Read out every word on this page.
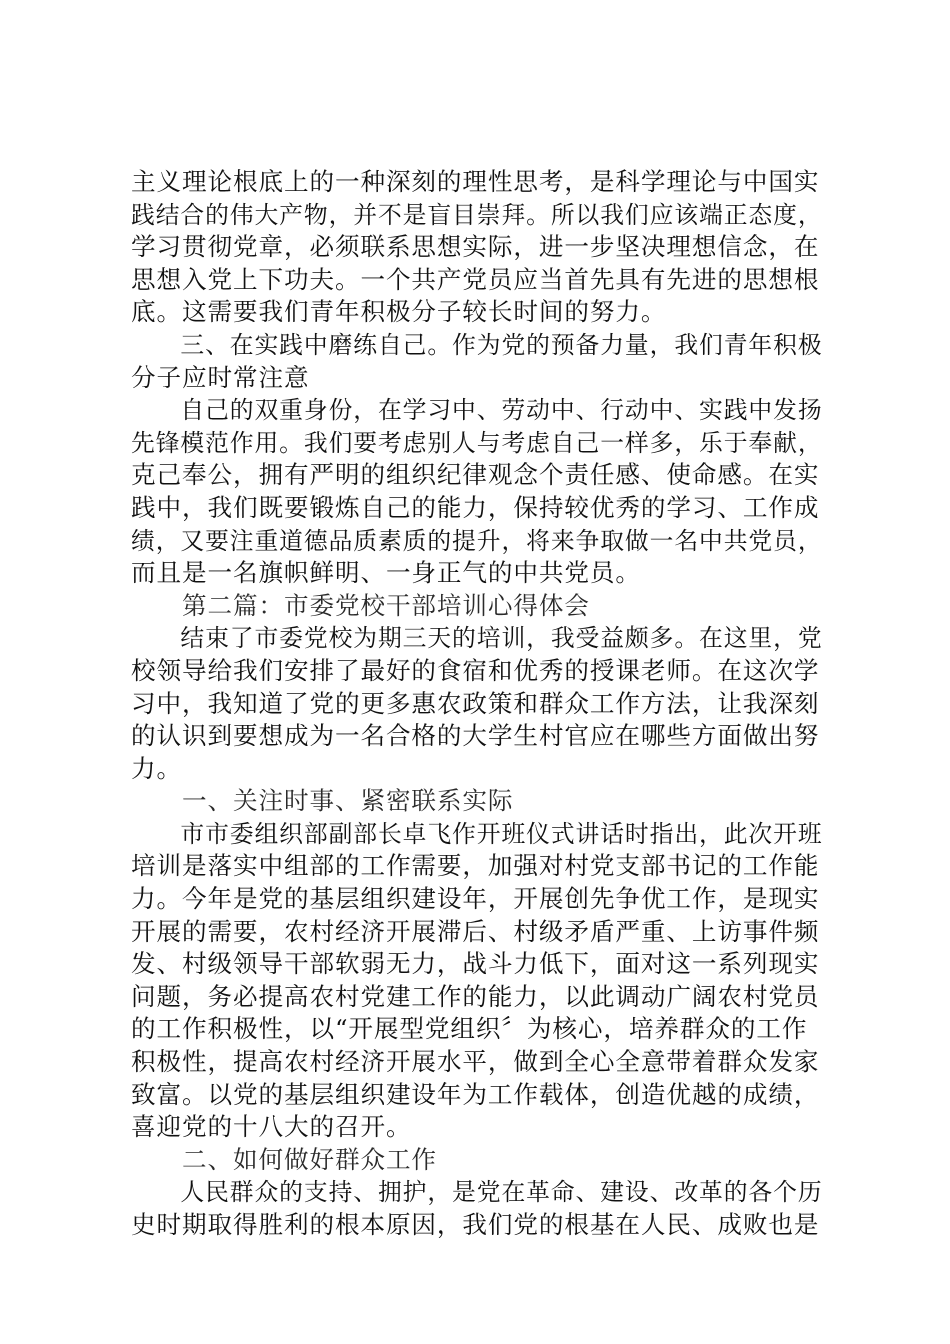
主义理论根底上的一种深刻的理性思考，是科学理论与中国实
践结合的伟大产物，并不是盲目崇拜。所以我们应该端正态度，
学习贯彻党章，必须联系思想实际，进一步坚决理想信念，在
思想入党上下功夫。一个共产党员应当首先具有先进的思想根
底。这需要我们青年积极分子较长时间的努力。
　　三、在实践中磨练自己。作为党的预备力量，我们青年积极
分子应时常注意
　　自己的双重身份，在学习中、劳动中、行动中、实践中发扬
先锋模范作用。我们要考虑别人与考虑自己一样多，乐于奉献，
克己奉公，拥有严明的组织纪律观念个责任感、使命感。在实
践中，我们既要锻炼自己的能力，保持较优秀的学习、工作成
绩，又要注重道德品质素质的提升，将来争取做一名中共党员，
而且是一名旗帜鲜明、一身正气的中共党员。
　　第二篇：市委党校干部培训心得体会
　　结束了市委党校为期三天的培训，我受益颇多。在这里，党
校领导给我们安排了最好的食宿和优秀的授课老师。在这次学
习中，我知道了党的更多惠农政策和群众工作方法，让我深刻
的认识到要想成为一名合格的大学生村官应在哪些方面做出努
力。
　　一、关注时事、紧密联系实际
　　市市委组织部副部长卓飞作开班仪式讲话时指出，此次开班
培训是落实中组部的工作需要，加强对村党支部书记的工作能
力。今年是党的基层组织建设年，开展创先争优工作，是现实
开展的需要，农村经济开展滞后、村级矛盾严重、上访事件频
发、村级领导干部软弱无力，战斗力低下，面对这一系列现实
问题，务必提高农村党建工作的能力，以此调动广阔农村党员
的工作积极性，以“开展型党组织〞为核心，培养群众的工作
积极性，提高农村经济开展水平，做到全心全意带着群众发家
致富。以党的基层组织建设年为工作载体，创造优越的成绩，
喜迎党的十八大的召开。
　　二、如何做好群众工作
　　人民群众的支持、拥护，是党在革命、建设、改革的各个历
史时期取得胜利的根本原因，我们党的根基在人民、成败也是
